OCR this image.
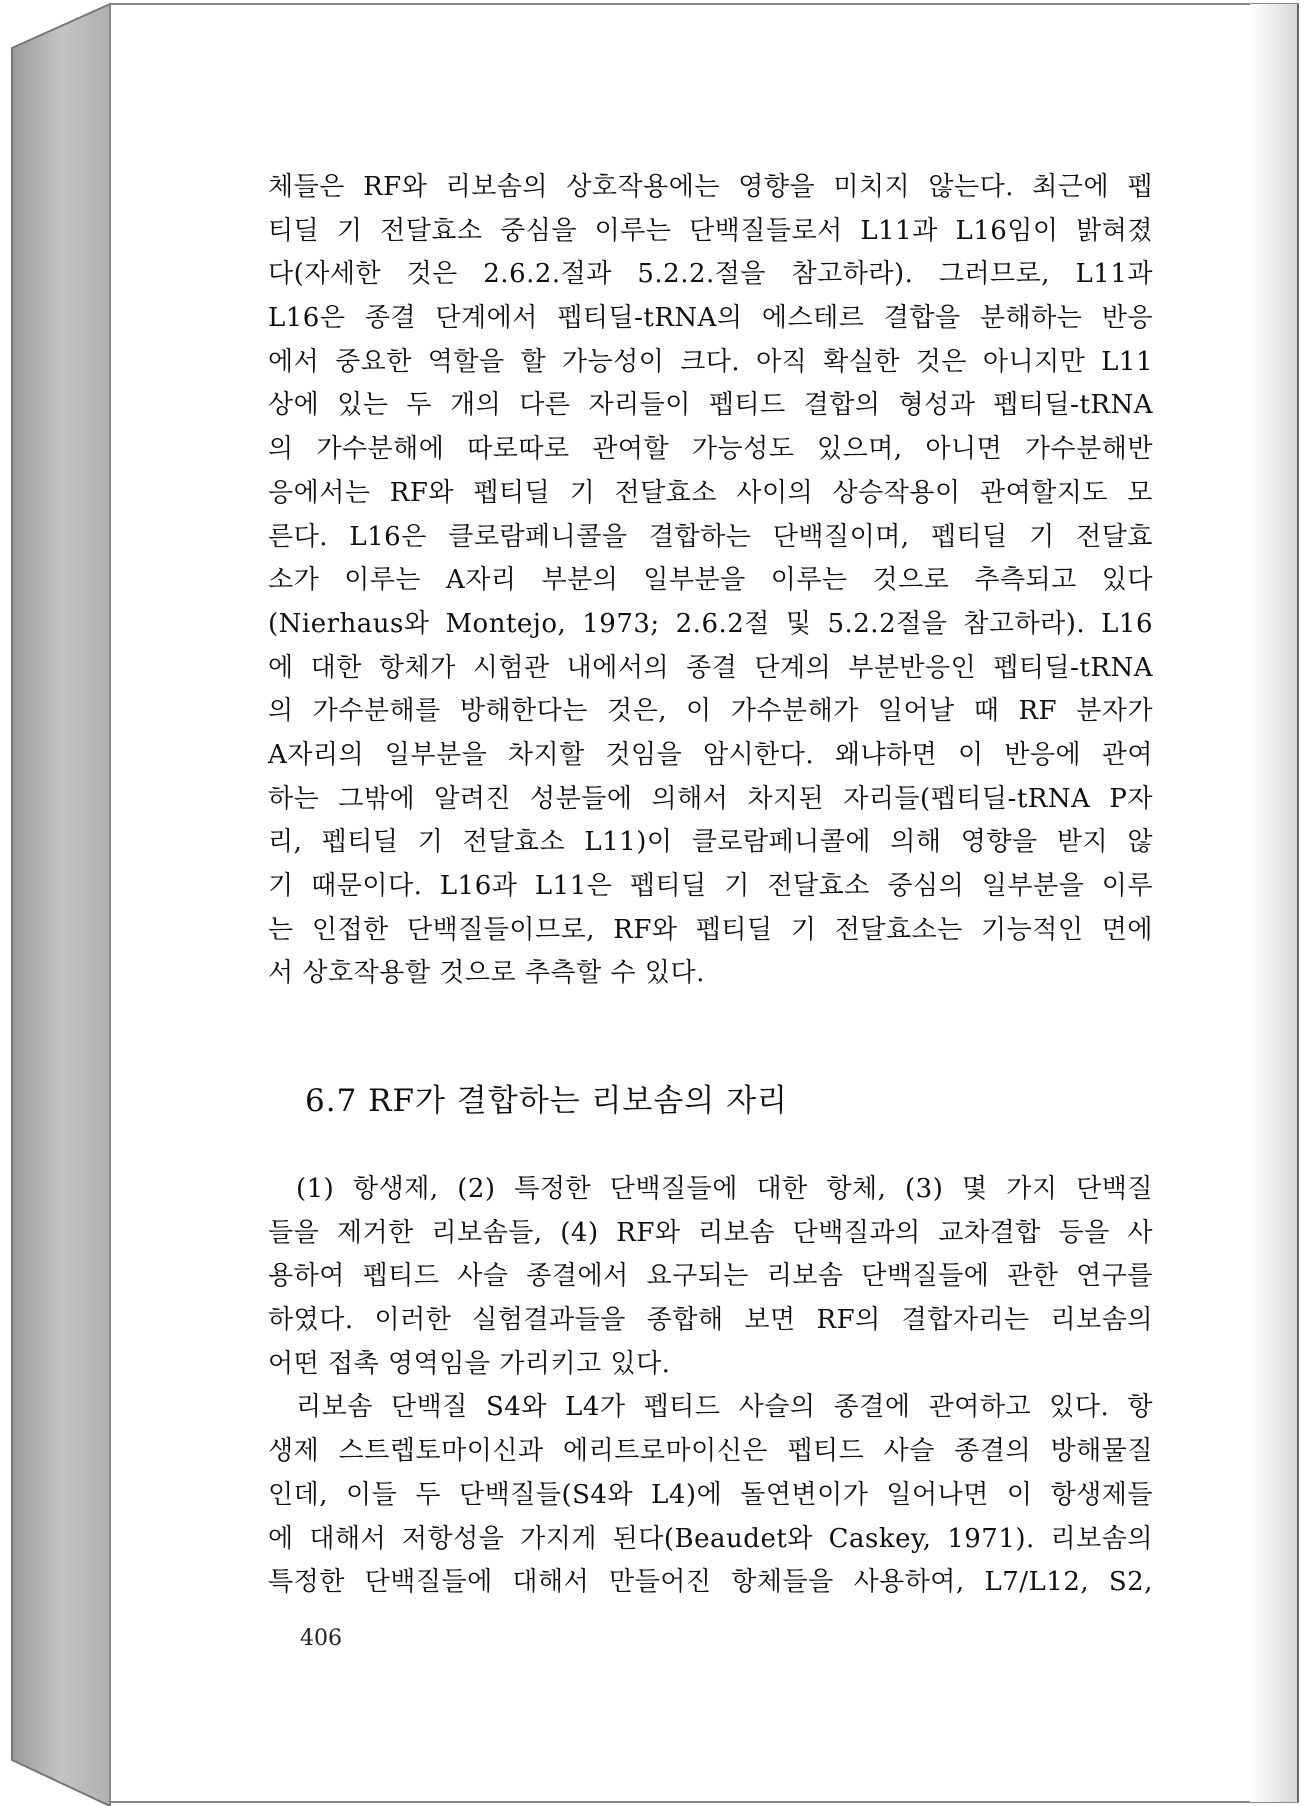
체들은 RF와 리보솜의 상호작용에는 영향을 미치지 않는다. 최근에 펩
티딜 기 전달효소 중심을 이루는 단백질들로서 L11과 L16임이 밝혀졌
다(자세한 것은 2.6.2.절과 5.2.2.절을 참고하라). 그러므로, L11과
L16은 종결 단계에서 펩티딜-tRNA의 에스테르 결합을 분해하는 반응
에서 중요한 역할을 할 가능성이 크다. 아직 확실한 것은 아니지만 L11
상에 있는 두 개의 다른 자리들이 펩티드 결합의 형성과 펩티딜-tRNA
의 가수분해에 따로따로 관여할 가능성도 있으며, 아니면 가수분해반
응에서는 RF와 펩티딜 기 전달효소 사이의 상승작용이 관여할지도 모
른다. L16은 클로람페니콜을 결합하는 단백질이며, 펩티딜 기 전달효
소가 이루는 A자리 부분의 일부분을 이루는 것으로 추측되고 있다
(Nierhaus와 Montejo, 1973; 2.6.2절 및 5.2.2절을 참고하라). L16
에 대한 항체가 시험관 내에서의 종결 단계의 부분반응인 펩티딜-tRNA
의 가수분해를 방해한다는 것은, 이 가수분해가 일어날 때 RF 분자가
A자리의 일부분을 차지할 것임을 암시한다. 왜냐하면 이 반응에 관여
하는 그밖에 알려진 성분들에 의해서 차지된 자리들(펩티딜-tRNA P자
리, 펩티딜 기 전달효소 L11)이 클로람페니콜에 의해 영향을 받지 않
기 때문이다. L16과 L11은 펩티딜 기 전달효소 중심의 일부분을 이루
는 인접한 단백질들이므로, RF와 펩티딜 기 전달효소는 기능적인 면에
서 상호작용할 것으로 추측할 수 있다.
6.7 RF가 결합하는 리보솜의 자리
(1) 항생제, (2) 특정한 단백질들에 대한 항체, (3) 몇 가지 단백질
들을 제거한 리보솜들, (4) RF와 리보솜 단백질과의 교차결합 등을 사
용하여 펩티드 사슬 종결에서 요구되는 리보솜 단백질들에 관한 연구를
하였다. 이러한 실험결과들을 종합해 보면 RF의 결합자리는 리보솜의
어떤 접촉 영역임을 가리키고 있다.
리보솜 단백질 S4와 L4가 펩티드 사슬의 종결에 관여하고 있다. 항
생제 스트렙토마이신과 에리트로마이신은 펩티드 사슬 종결의 방해물질
인데, 이들 두 단백질들(S4와 L4)에 돌연변이가 일어나면 이 항생제들
에 대해서 저항성을 가지게 된다(Beaudet와 Caskey, 1971). 리보솜의
특정한 단백질들에 대해서 만들어진 항체들을 사용하여, L7/L12, S2,
406
